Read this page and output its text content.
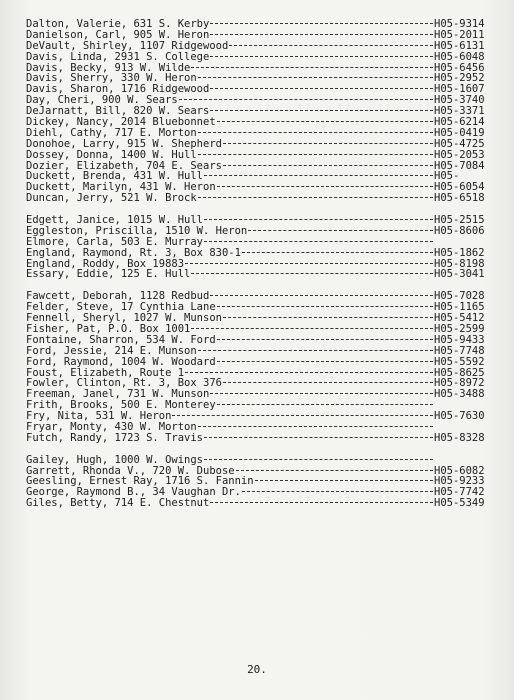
Dalton, Valerie, 631 S. Kerby	H05-9314
Danielson, Carl, 905 W. Heron	H05-2011
DeVault, Shirley, 1107 Ridgewood	H05-6131
Davis, Linda, 2931 S. College	H05-6048
Davis, Becky, 913 W. Wilde	H05-6456
Davis, Sherry, 330 W. Heron	H05-2952
Davis, Sharon, 1716 Ridgewood	H05-1607
Day, Cheri, 900 W. Sears	H05-3740
DeJarnatt, Bill, 820 W. Sears	H05-3371
Dickey, Nancy, 2014 Bluebonnet	H05-6214
Diehl, Cathy, 717 E. Morton	H05-0419
Donohoe, Larry, 915 W. Shepherd	H05-4725
Dossey, Donna, 1400 W. Hull	H05-2053
Dozier, Elizabeth, 704 E. Sears	H05-7084
Duckett, Brenda, 431 W. Hull	H05-
Duckett, Marilyn, 431 W. Heron	H05-6054
Duncan, Jerry, 521 W. Brock	H05-6518
Edgett, Janice, 1015 W. Hull	H05-2515
Eggleston, Priscilla, 1510 W. Heron	H05-8606
Elmore, Carla, 503 E. Murray
England, Raymond, Rt. 3, Box 830-1	H05-1862
England, Roddy, Box 19883	H05-8198
Essary, Eddie, 125 E. Hull	H05-3041
Fawcett, Deborah, 1128 Redbud	H05-7028
Felder, Steve, 17 Cynthia Lane	H05-1165
Fennell, Sheryl, 1027 W. Munson	H05-5412
Fisher, Pat, P.O. Box 1001	H05-2599
Fontaine, Sharron, 534 W. Ford	H05-9433
Ford, Jessie, 214 E. Munson	H05-7748
Ford, Raymond, 1004 W. Woodard	H05-5592
Foust, Elizabeth, Route 1	H05-8625
Fowler, Clinton, Rt. 3, Box 376	H05-8972
Freeman, Janel, 731 W. Munson	H05-3488
Frith, Brooks, 500 E. Monterey
Fry, Nita, 531 W. Heron	H05-7630
Fryar, Monty, 430 W. Morton
Futch, Randy, 1723 S. Travis	H05-8328
Gailey, Hugh, 1000 W. Owings
Garrett, Rhonda V., 720 W. Dubose	H05-6082
Geesling, Ernest Ray, 1716 S. Fannin	H05-9233
George, Raymond B., 34 Vaughan Dr.	H05-7742
Giles, Betty, 714 E. Chestnut	H05-5349
20.
